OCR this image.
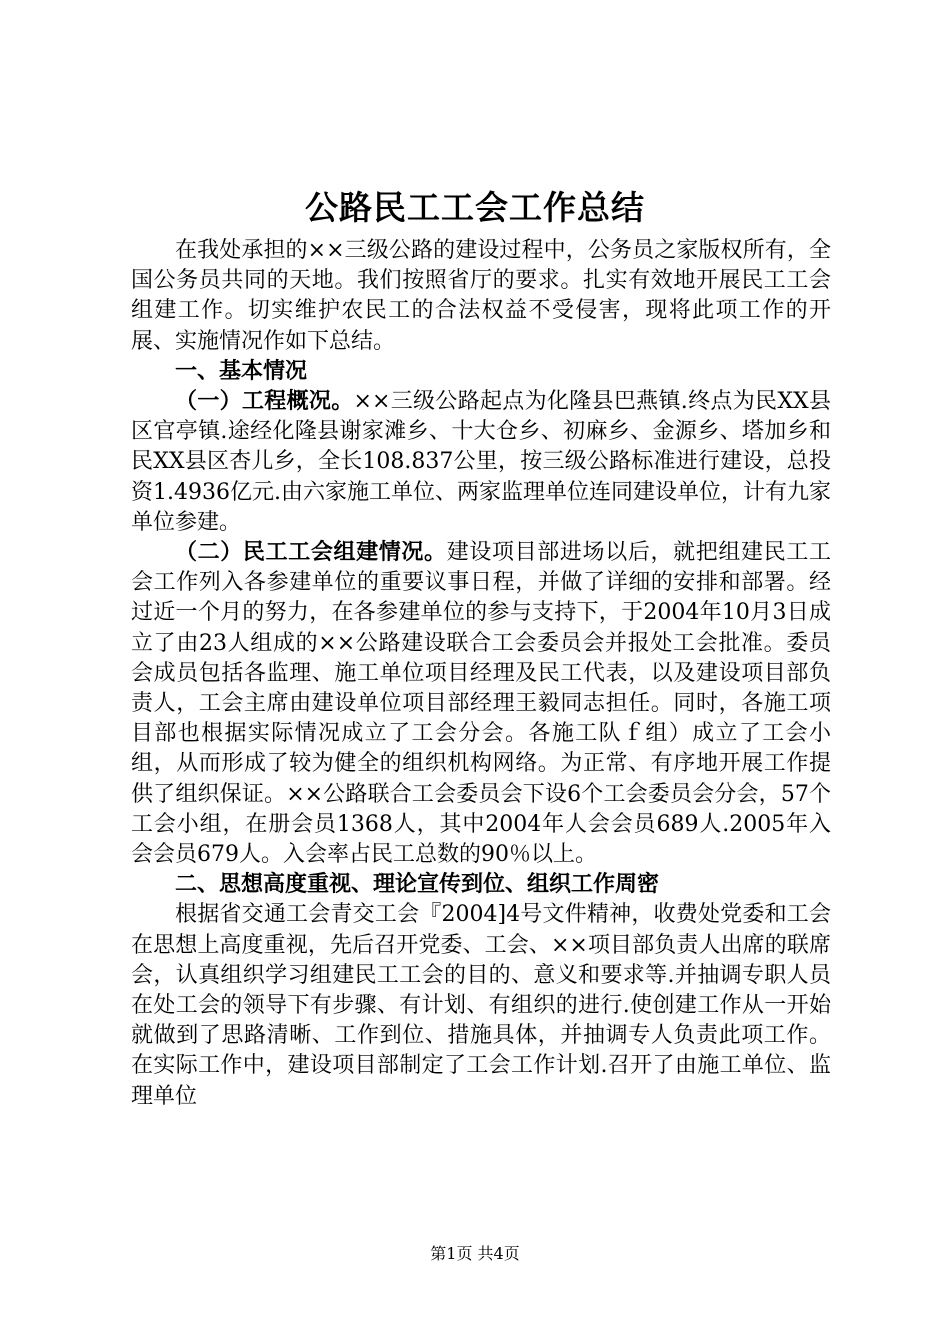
公路民工工会工作总结

在我处承担的××三级公路的建设过程中，公务员之家版权所有，全国公务员共同的天地。我们按照省厅的要求。扎实有效地开展民工工会组建工作。切实维护农民工的合法权益不受侵害，现将此项工作的开展、实施情况作如下总结。

一、基本情况

（一）工程概况。××三级公路起点为化隆县巴燕镇.终点为民XX县区官亭镇.途经化隆县谢家滩乡、十大仓乡、初麻乡、金源乡、塔加乡和民XX县区杏儿乡，全长108.837公里，按三级公路标准进行建设，总投资1.4936亿元.由六家施工单位、两家监理单位连同建设单位，计有九家单位参建。

（二）民工工会组建情况。建设项目部进场以后，就把组建民工工会工作列入各参建单位的重要议事日程，并做了详细的安排和部署。经过近一个月的努力，在各参建单位的参与支持下，于2004年10月3日成立了由23人组成的××公路建设联合工会委员会并报处工会批准。委员会成员包括各监理、施工单位项目经理及民工代表，以及建设项目部负责人，工会主席由建设单位项目部经理王毅同志担任。同时，各施工项目部也根据实际情况成立了工会分会。各施工队ｆ组）成立了工会小组，从而形成了较为健全的组织机构网络。为正常、有序地开展工作提供了组织保证。××公路联合工会委员会下设6个工会委员会分会，57个工会小组，在册会员1368人，其中2004年人会会员689人.2005年入会会员679人。入会率占民工总数的90％以上。

二、思想高度重视、理论宣传到位、组织工作周密

根据省交通工会青交工会『2004]4号文件精神，收费处党委和工会在思想上高度重视，先后召开党委、工会、××项目部负责人出席的联席会，认真组织学习组建民工工会的目的、意义和要求等.并抽调专职人员在处工会的领导下有步骤、有计划、有组织的进行.使创建工作从一开始就做到了思路清晰、工作到位、措施具体，并抽调专人负责此项工作。在实际工作中，建设项目部制定了工会工作计划.召开了由施工单位、监理单位

第1页 共4页
